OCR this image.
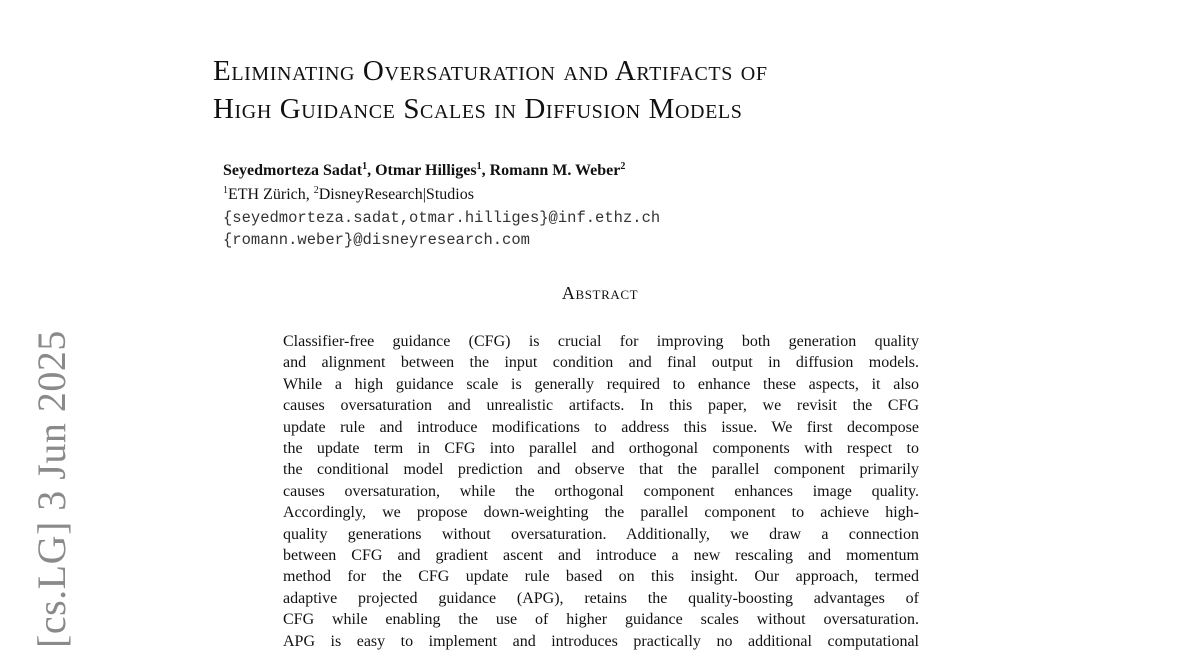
[cs.LG] 3 Jun 2025
Eliminating Oversaturation and Artifacts of
High Guidance Scales in Diffusion Models
Seyedmorteza Sadat$^1$, Otmar Hilliges$^1$, Romann M. Weber$^2$
$^1$ETH Zürich, $^2$DisneyResearch|Studios
{seyedmorteza.sadat,otmar.hilliges}@inf.ethz.ch
{romann.weber}@disneyresearch.com
Abstract
Classifier-free guidance (CFG) is crucial for improving both generation quality
and alignment between the input condition and final output in diffusion models.
While a high guidance scale is generally required to enhance these aspects, it also
causes oversaturation and unrealistic artifacts. In this paper, we revisit the CFG
update rule and introduce modifications to address this issue. We first decompose
the update term in CFG into parallel and orthogonal components with respect to
the conditional model prediction and observe that the parallel component primarily
causes oversaturation, while the orthogonal component enhances image quality.
Accordingly, we propose down-weighting the parallel component to achieve high-
quality generations without oversaturation. Additionally, we draw a connection
between CFG and gradient ascent and introduce a new rescaling and momentum
method for the CFG update rule based on this insight. Our approach, termed
adaptive projected guidance (APG), retains the quality-boosting advantages of
CFG while enabling the use of higher guidance scales without oversaturation.
APG is easy to implement and introduces practically no additional computational
